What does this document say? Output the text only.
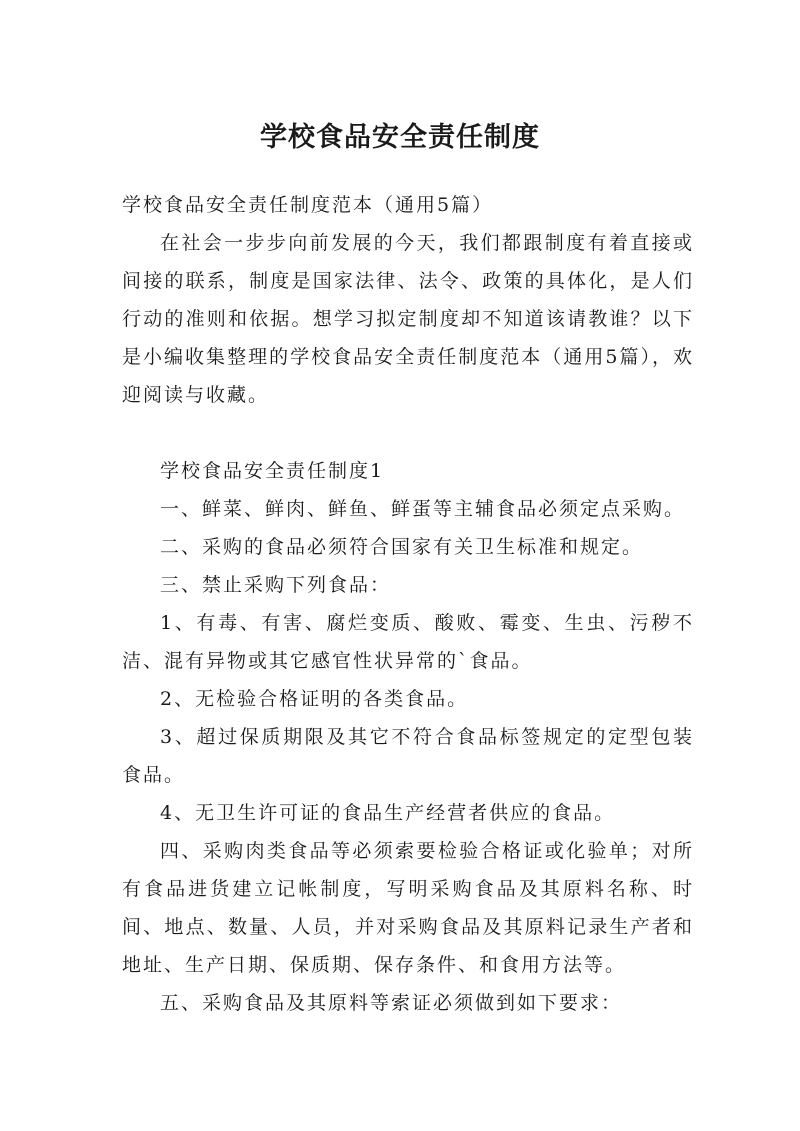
学校食品安全责任制度

学校食品安全责任制度范本（通用5篇）

在社会一步步向前发展的今天，我们都跟制度有着直接或间接的联系，制度是国家法律、法令、政策的具体化，是人们行动的准则和依据。想学习拟定制度却不知道该请教谁？以下是小编收集整理的学校食品安全责任制度范本（通用5篇），欢迎阅读与收藏。

学校食品安全责任制度1

一、鲜菜、鲜肉、鲜鱼、鲜蛋等主辅食品必须定点采购。

二、采购的食品必须符合国家有关卫生标准和规定。

三、禁止采购下列食品：

1、有毒、有害、腐烂变质、酸败、霉变、生虫、污秽不洁、混有异物或其它感官性状异常的`食品。

2、无检验合格证明的各类食品。

3、超过保质期限及其它不符合食品标签规定的定型包装食品。

4、无卫生许可证的食品生产经营者供应的食品。

四、采购肉类食品等必须索要检验合格证或化验单；对所有食品进货建立记帐制度，写明采购食品及其原料名称、时间、地点、数量、人员，并对采购食品及其原料记录生产者和地址、生产日期、保质期、保存条件、和食用方法等。

五、采购食品及其原料等索证必须做到如下要求：
